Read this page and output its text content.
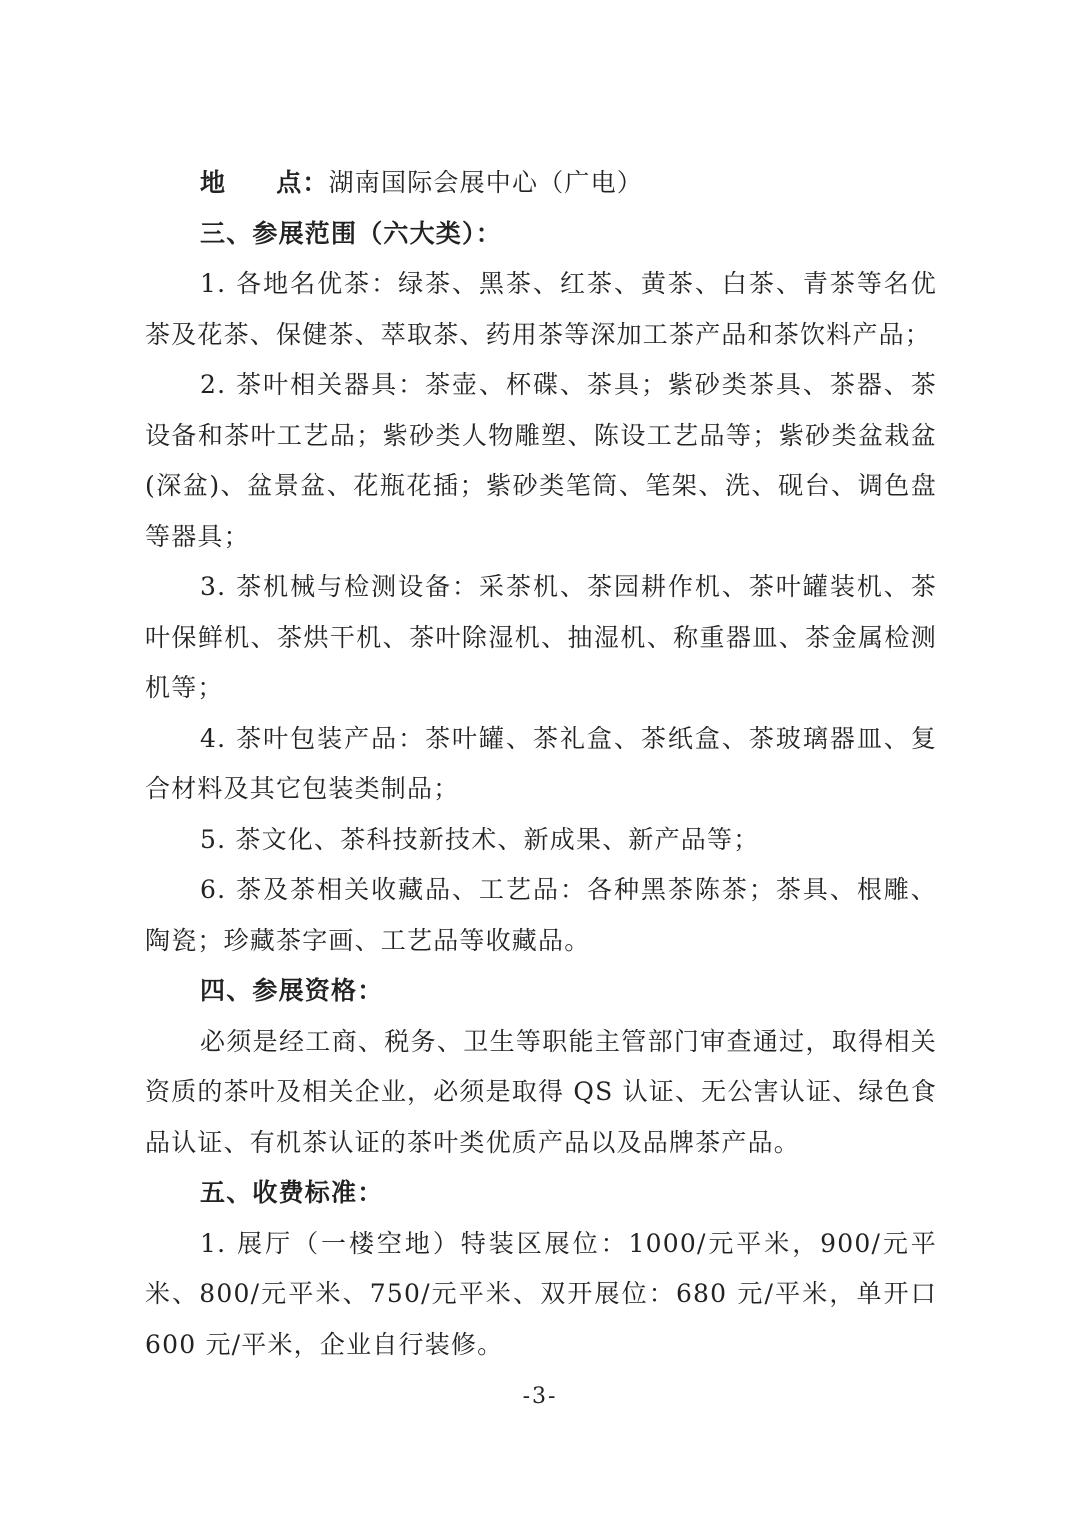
地 点：湖南国际会展中心（广电）

三、参展范围（六大类）：

1. 各地名优茶：绿茶、黑茶、红茶、黄茶、白茶、青茶等名优茶及花茶、保健茶、萃取茶、药用茶等深加工茶产品和茶饮料产品；

2. 茶叶相关器具：茶壶、杯碟、茶具；紫砂类茶具、茶器、茶设备和茶叶工艺品；紫砂类人物雕塑、陈设工艺品等；紫砂类盆栽盆(深盆)、盆景盆、花瓶花插；紫砂类笔筒、笔架、洗、砚台、调色盘等器具；

3. 茶机械与检测设备：采茶机、茶园耕作机、茶叶罐装机、茶叶保鲜机、茶烘干机、茶叶除湿机、抽湿机、称重器皿、茶金属检测机等；

4. 茶叶包装产品：茶叶罐、茶礼盒、茶纸盒、茶玻璃器皿、复合材料及其它包装类制品；

5. 茶文化、茶科技新技术、新成果、新产品等；

6. 茶及茶相关收藏品、工艺品：各种黑茶陈茶；茶具、根雕、陶瓷；珍藏茶字画、工艺品等收藏品。

四、参展资格：

必须是经工商、税务、卫生等职能主管部门审查通过，取得相关资质的茶叶及相关企业，必须是取得 QS 认证、无公害认证、绿色食品认证、有机茶认证的茶叶类优质产品以及品牌茶产品。

五、收费标准：

1. 展厅（一楼空地）特装区展位：1000/元平米，900/元平米、800/元平米、750/元平米、双开展位：680 元/平米，单开口 600 元/平米，企业自行装修。

-3-
